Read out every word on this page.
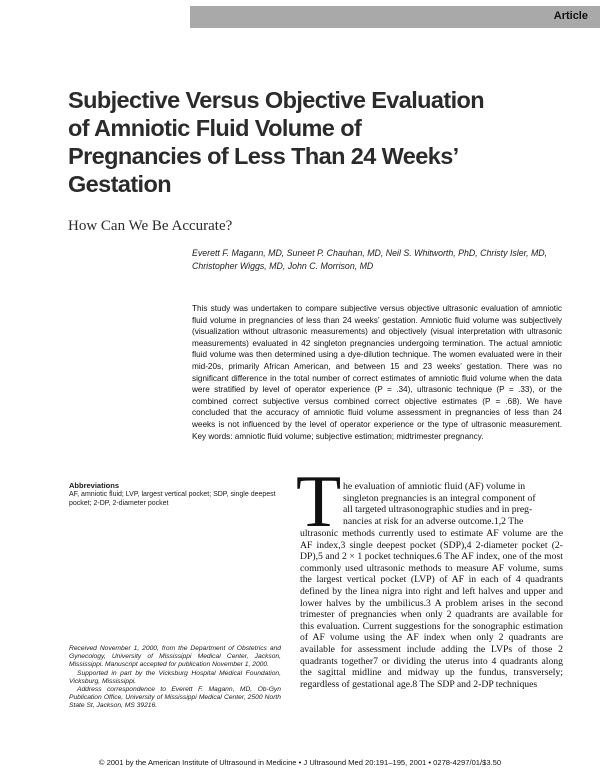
Article
Subjective Versus Objective Evaluation of Amniotic Fluid Volume of Pregnancies of Less Than 24 Weeks’ Gestation
How Can We Be Accurate?
Everett F. Magann, MD, Suneet P. Chauhan, MD, Neil S. Whitworth, PhD, Christy Isler, MD, Christopher Wiggs, MD, John C. Morrison, MD
This study was undertaken to compare subjective versus objective ultrasonic evaluation of amniotic fluid volume in pregnancies of less than 24 weeks’ gestation. Amniotic fluid volume was subjectively (visualization without ultrasonic measurements) and objectively (visual interpretation with ultrasonic measurements) evaluated in 42 singleton pregnancies undergoing termination. The actual amniotic fluid volume was then determined using a dye-dilution technique. The women evaluated were in their mid-20s, primarily African American, and between 15 and 23 weeks’ gestation. There was no significant difference in the total number of correct estimates of amniotic fluid volume when the data were stratified by level of operator experience (P = .34), ultrasonic technique (P = .33), or the combined correct subjective versus combined correct objective estimates (P = .68). We have concluded that the accuracy of amniotic fluid volume assessment in pregnancies of less than 24 weeks is not influenced by the level of operator experience or the type of ultrasonic measurement. Key words: amniotic fluid volume; subjective estimation; midtrimester pregnancy.
Abbreviations
AF, amniotic fluid; LVP, largest vertical pocket; SDP, single deepest pocket; 2-DP, 2-diameter pocket

Received November 1, 2000, from the Department of Obstetrics and Gynecology, University of Mississippi Medical Center, Jackson, Mississippi. Manuscript accepted for publication November 1, 2000.

Supported in part by the Vicksburg Hospital Medical Foundation, Vicksburg, Mississippi.

Address correspondence to Everett F. Magann, MD, Ob-Gyn Publication Office, University of Mississippi Medical Center, 2500 North State St, Jackson, MS 39216.

T he evaluation of amniotic fluid (AF) volume in
singleton pregnancies is an integral component of
all targeted ultrasonographic studies and in preg-
nancies at risk for an adverse outcome.1,2 The
ultrasonic methods currently used to estimate AF volume are the AF index,3 single deepest pocket (SDP),4 2-diameter pocket (2-DP),5 and 2 × 1 pocket techniques.6 The AF index, one of the most commonly used ultrasonic methods to measure AF volume, sums the largest vertical pocket (LVP) of AF in each of 4 quadrants defined by the linea nigra into right and left halves and upper and lower halves by the umbilicus.3 A problem arises in the second trimester of pregnancies when only 2 quadrants are available for this evaluation. Current suggestions for the sonographic estimation of AF volume using the AF index when only 2 quadrants are available for assessment include adding the LVPs of those 2 quadrants together7 or dividing the uterus into 4 quadrants along the sagittal midline and midway up the fundus, transversely; regardless of gestational age.8 The SDP and 2-DP techniques
© 2001 by the American Institute of Ultrasound in Medicine • J Ultrasound Med 20:191–195, 2001 • 0278-4297/01/$3.50
